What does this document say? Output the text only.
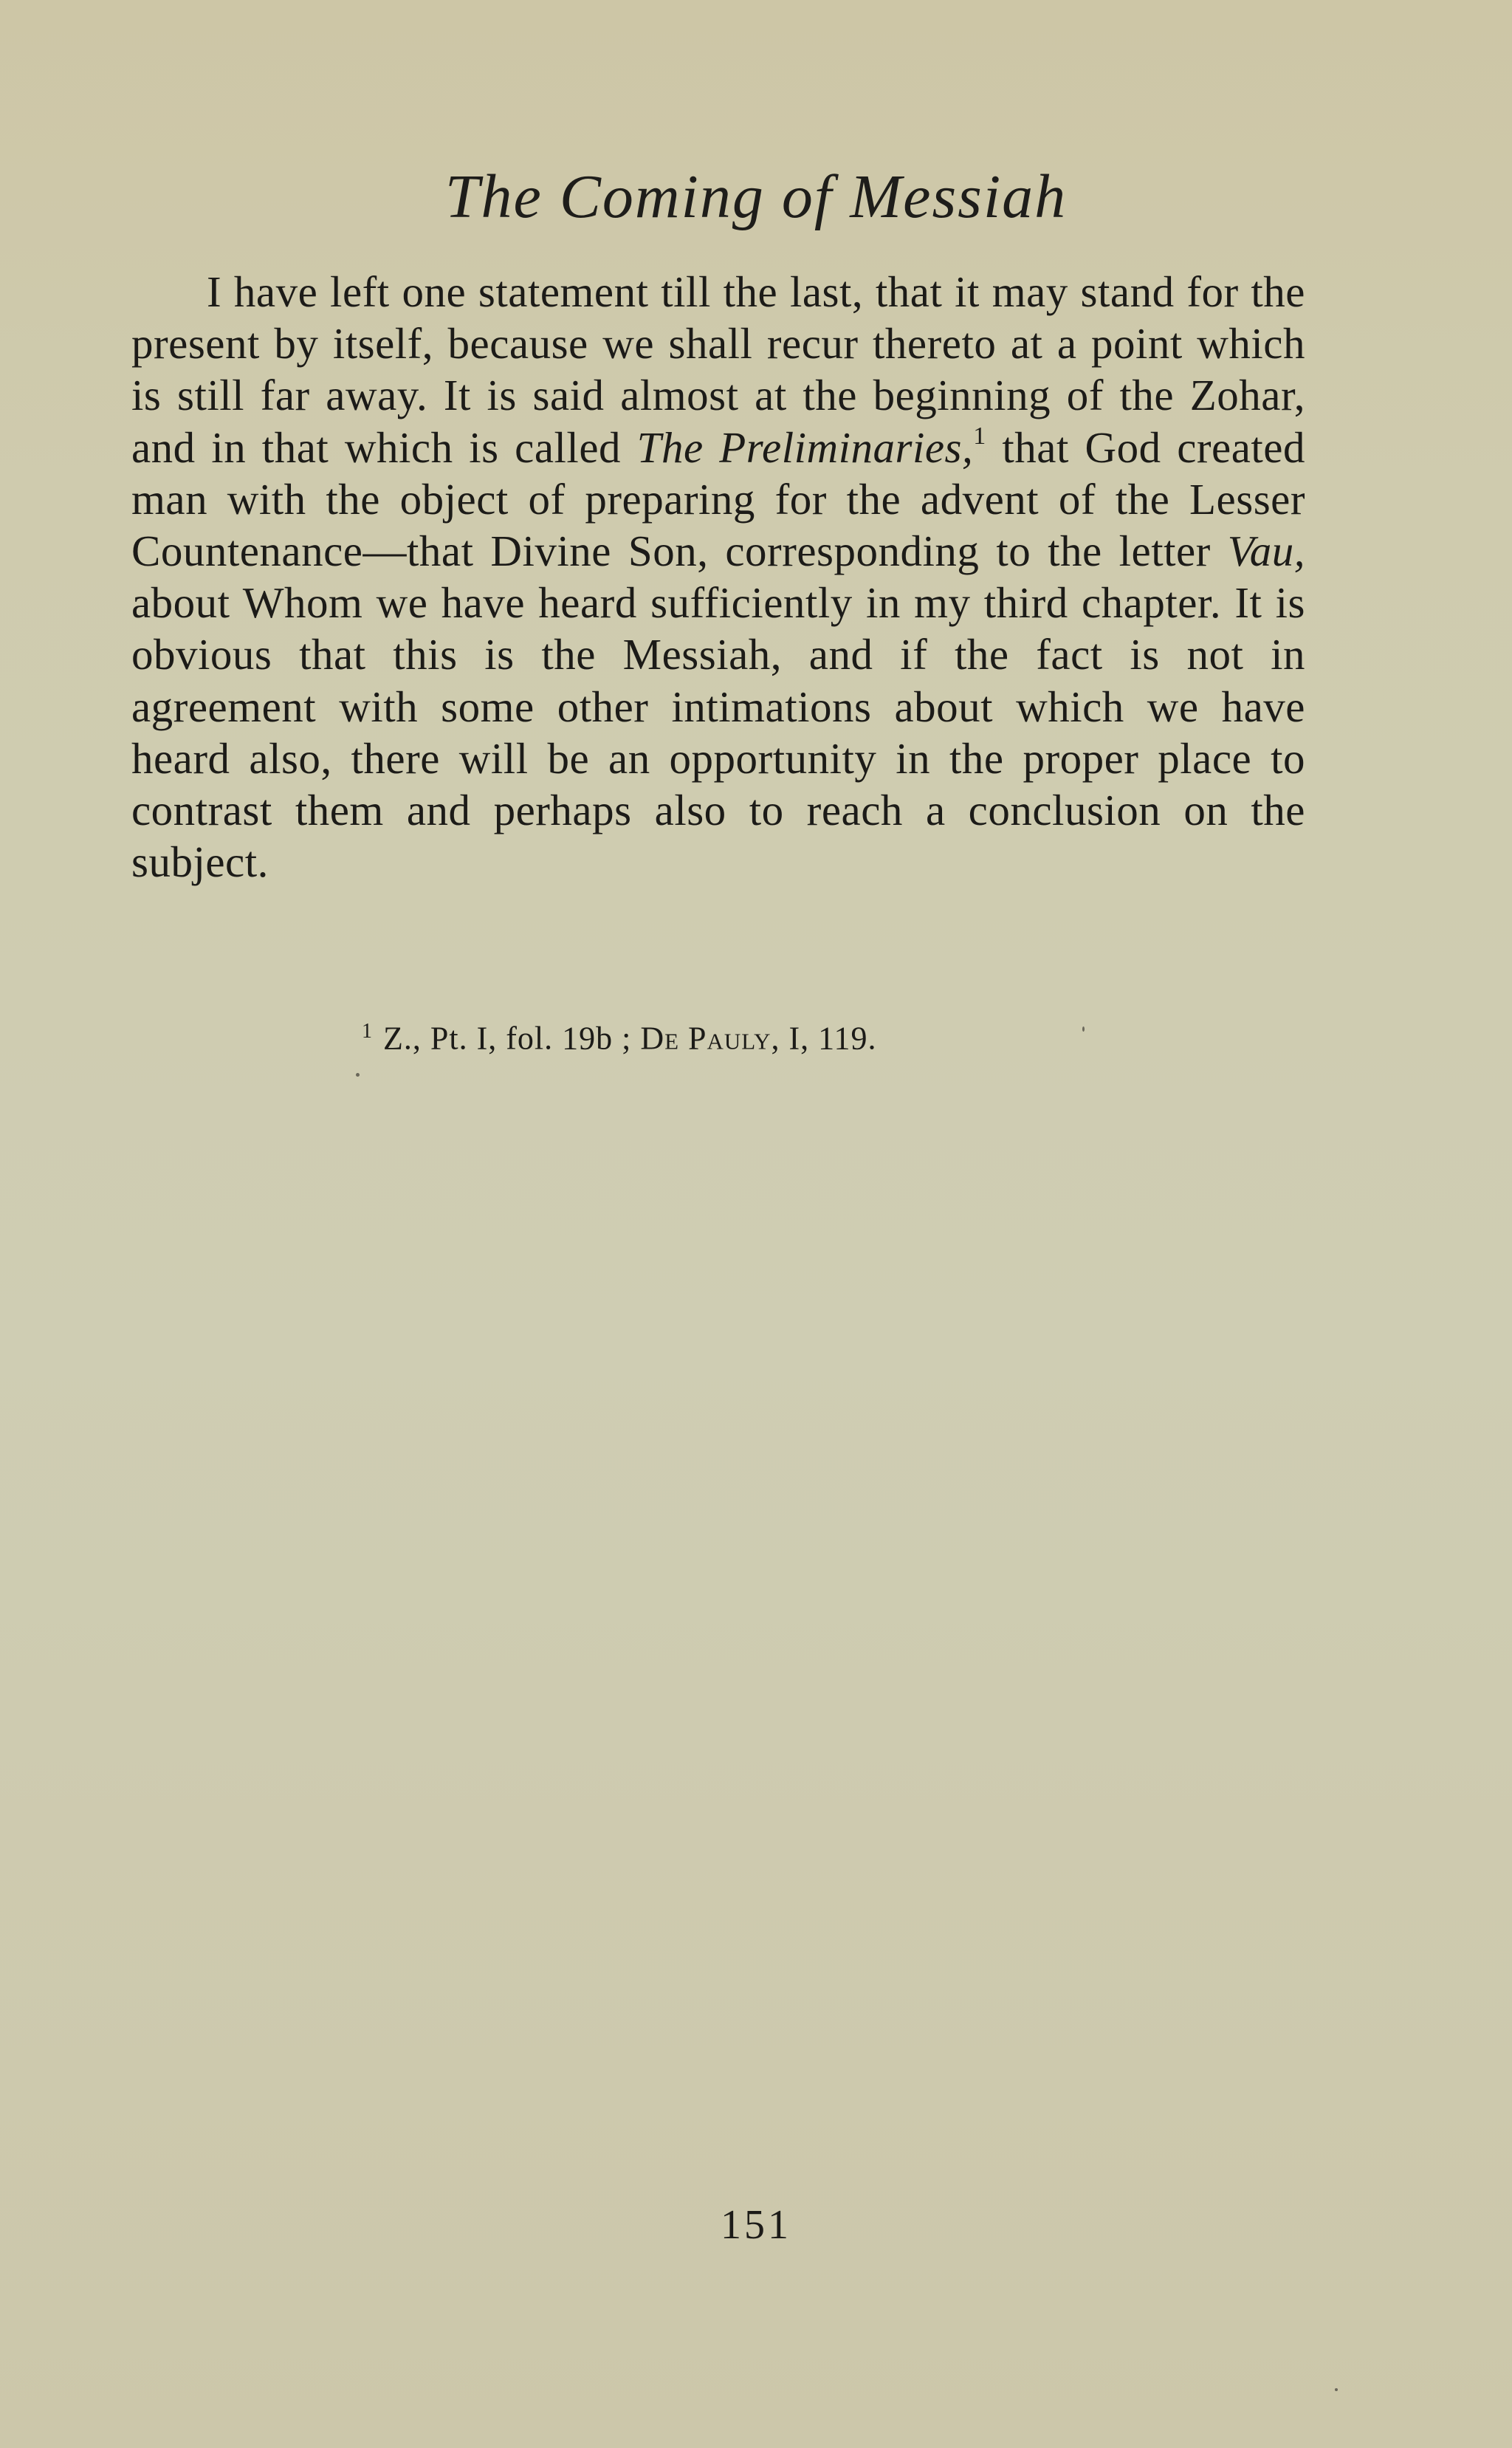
The Coming of Messiah

I have left one statement till the last, that it may stand for the present by itself, because we shall recur thereto at a point which is still far away. It is said almost at the beginning of the Zohar, and in that which is called The Preliminaries,$^1$ that God created man with the object of preparing for the advent of the Lesser Countenance—that Divine Son, corresponding to the letter Vau, about Whom we have heard sufficiently in my third chapter. It is obvious that this is the Messiah, and if the fact is not in agreement with some other intimations about which we have heard also, there will be an opportunity in the proper place to contrast them and perhaps also to reach a conclusion on the subject.

$^1$ Z., Pt. I, fol. 19b ; De Pauly, I, 119.
151
